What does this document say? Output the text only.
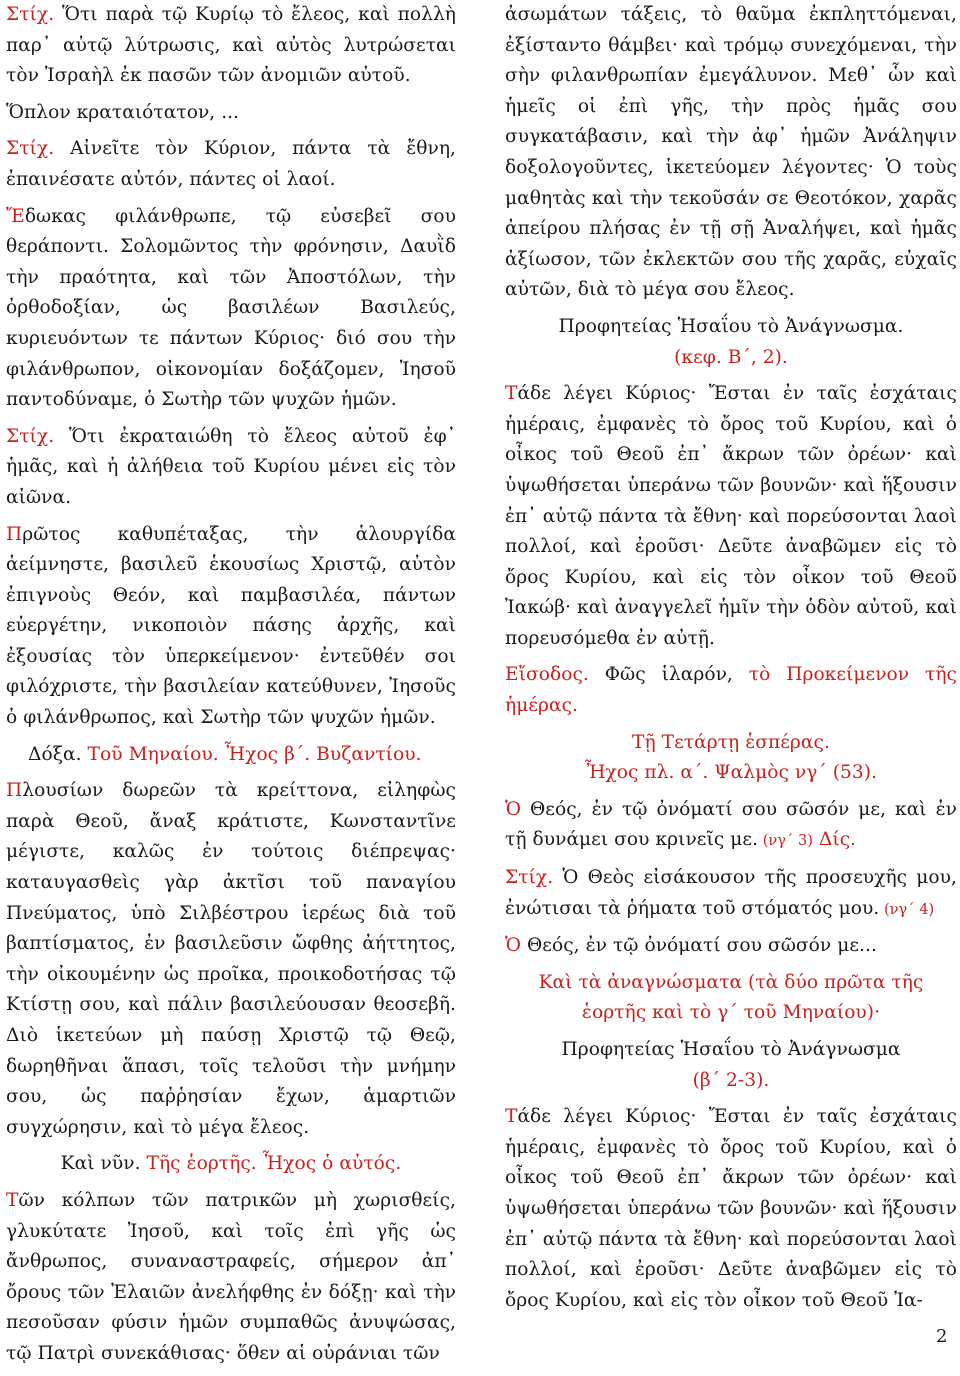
Στίχ. Ὅτι παρὰ τῷ Κυρίῳ τὸ ἔλεος, καὶ πολλὴ παρ᾽ αὐτῷ λύτρωσις, καὶ αὐτὸς λυτρώσεται τὸν Ἰσραὴλ ἐκ πασῶν τῶν ἀνομιῶν αὐτοῦ.

Ὅπλον κραταιότατον, ...

Στίχ. Αἰνεῖτε τὸν Κύριον, πάντα τὰ ἔθνη, ἐπαινέσατε αὐτόν, πάντες οἱ λαοί.

Ἔδωκας φιλάνθρωπε, τῷ εὐσεβεῖ σου θεράποντι. Σολομῶντος τὴν φρόνησιν, Δαυῒδ τὴν πραότητα, καὶ τῶν Ἀποστόλων, τὴν ὀρθοδοξίαν, ὡς βασιλέων Βασιλεύς, κυριευόντων τε πάντων Κύριος· διό σου τὴν φιλάνθρωπον, οἰκονομίαν δοξάζομεν, Ἰησοῦ παντοδύναμε, ὁ Σωτὴρ τῶν ψυχῶν ἡμῶν.

Στίχ. Ὅτι ἐκραταιώθη τὸ ἔλεος αὐτοῦ ἐφ᾽ ἡμᾶς, καὶ ἡ ἀλήθεια τοῦ Κυρίου μένει εἰς τὸν αἰῶνα.

Πρῶτος καθυπέταξας, τὴν ἁλουργίδα ἀείμνηστε, βασιλεῦ ἑκουσίως Χριστῷ, αὐτὸν ἐπιγνοὺς Θεόν, καὶ παμβασιλέα, πάντων εὐεργέτην, νικοποιὸν πάσης ἀρχῆς, καὶ ἐξουσίας τὸν ὑπερκείμενον· ἐντεῦθέν σοι φιλόχριστε, τὴν βασιλείαν κατεύθυνεν, Ἰησοῦς ὁ φιλάνθρωπος, καὶ Σωτὴρ τῶν ψυχῶν ἡμῶν.

Δόξα. Τοῦ Μηναίου. Ἦχος β΄. Βυζαντίου.

Πλουσίων δωρεῶν τὰ κρείττονα, εἰληφὼς παρὰ Θεοῦ, ἄναξ κράτιστε, Κωνσταντῖνε μέγιστε, καλῶς ἐν τούτοις διέπρεψας· καταυγασθεὶς γὰρ ἀκτῖσι τοῦ παναγίου Πνεύματος, ὑπὸ Σιλβέστρου ἱερέως διὰ τοῦ βαπτίσματος, ἐν βασιλεῦσιν ὤφθης ἀήττητος, τὴν οἰκουμένην ὡς προῖκα, προικοδοτήσας τῷ Κτίστῃ σου, καὶ πάλιν βασιλεύουσαν θεοσεβῆ. Διὸ ἱκετεύων μὴ παύσῃ Χριστῷ τῷ Θεῷ, δωρηθῆναι ἅπασι, τοῖς τελοῦσι τὴν μνήμην σου, ὡς παῤῥησίαν ἔχων, ἁμαρτιῶν συγχώρησιν, καὶ τὸ μέγα ἔλεος.

Καὶ νῦν. Τῆς ἑορτῆς. Ἦχος ὁ αὐτός.

Τῶν κόλπων τῶν πατρικῶν μὴ χωρισθείς, γλυκύτατε Ἰησοῦ, καὶ τοῖς ἐπὶ γῆς ὡς ἄνθρωπος, συναναστραφείς, σήμερον ἀπ᾽ ὄρους τῶν Ἐλαιῶν ἀνελήφθης ἐν δόξῃ· καὶ τὴν πεσοῦσαν φύσιν ἡμῶν συμπαθῶς ἀνυψώσας, τῷ Πατρὶ συνεκάθισας· ὅθεν αἱ οὐράνιαι τῶν

ἀσωμάτων τάξεις, τὸ θαῦμα ἐκπληττόμεναι, ἐξίσταντο θάμβει· καὶ τρόμῳ συνεχόμεναι, τὴν σὴν φιλανθρωπίαν ἐμεγάλυνον. Μεθ᾽ ὧν καὶ ἡμεῖς οἱ ἐπὶ γῆς, τὴν πρὸς ἡμᾶς σου συγκατάβασιν, καὶ τὴν ἀφ᾽ ἡμῶν Ἀνάληψιν δοξολογοῦντες, ἱκετεύομεν λέγοντες· Ὁ τοὺς μαθητὰς καὶ τὴν τεκοῦσάν σε Θεοτόκον, χαρᾶς ἀπείρου πλήσας ἐν τῇ σῇ Ἀναλήψει, καὶ ἡμᾶς ἀξίωσον, τῶν ἐκλεκτῶν σου τῆς χαρᾶς, εὐχαῖς αὐτῶν, διὰ τὸ μέγα σου ἔλεος.

Προφητείας Ἡσαΐου τὸ Ἀνάγνωσμα.
(κεφ. Β΄, 2).

Τάδε λέγει Κύριος· Ἔσται ἐν ταῖς ἐσχάταις ἡμέραις, ἐμφανὲς τὸ ὄρος τοῦ Κυρίου, καὶ ὁ οἶκος τοῦ Θεοῦ ἐπ᾽ ἄκρων τῶν ὀρέων· καὶ ὑψωθήσεται ὑπεράνω τῶν βουνῶν· καὶ ἥξουσιν ἐπ᾽ αὐτῷ πάντα τὰ ἔθνη· καὶ πορεύσονται λαοὶ πολλοί, καὶ ἐροῦσι· Δεῦτε ἀναβῶμεν εἰς τὸ ὄρος Κυρίου, καὶ εἰς τὸν οἶκον τοῦ Θεοῦ Ἰακώβ· καὶ ἀναγγελεῖ ἡμῖν τὴν ὁδὸν αὐτοῦ, καὶ πορευσόμεθα ἐν αὐτῇ.

Εἴσοδος. Φῶς ἱλαρόν, τὸ Προκείμενον τῆς ἡμέρας.

Τῇ Τετάρτῃ ἑσπέρας.
Ἦχος πλ. α΄. Ψαλμὸς νγ΄ (53).

Ὁ Θεός, ἐν τῷ ὀνόματί σου σῶσόν με, καὶ ἐν τῇ δυνάμει σου κρινεῖς με. (νγ΄ 3) Δίς.

Στίχ. Ὁ Θεὸς εἰσάκουσον τῆς προσευχῆς μου, ἐνώτισαι τὰ ῥήματα τοῦ στόματός μου. (νγ΄ 4)

Ὁ Θεός, ἐν τῷ ὀνόματί σου σῶσόν με...

Καὶ τὰ ἀναγνώσματα (τὰ δύο πρῶτα τῆς ἑορτῆς καὶ τὸ γ΄ τοῦ Μηναίου)·

Προφητείας Ἡσαΐου τὸ Ἀνάγνωσμα
(β΄ 2-3).

Τάδε λέγει Κύριος· Ἔσται ἐν ταῖς ἐσχάταις ἡμέραις, ἐμφανὲς τὸ ὄρος τοῦ Κυρίου, καὶ ὁ οἶκος τοῦ Θεοῦ ἐπ᾽ ἄκρων τῶν ὀρέων· καὶ ὑψωθήσεται ὑπεράνω τῶν βουνῶν· καὶ ἥξουσιν ἐπ᾽ αὐτῷ πάντα τὰ ἔθνη· καὶ πορεύσονται λαοὶ πολλοί, καὶ ἐροῦσι· Δεῦτε ἀναβῶμεν εἰς τὸ ὄρος Κυρίου, καὶ εἰς τὸν οἶκον τοῦ Θεοῦ Ἰα-

2
